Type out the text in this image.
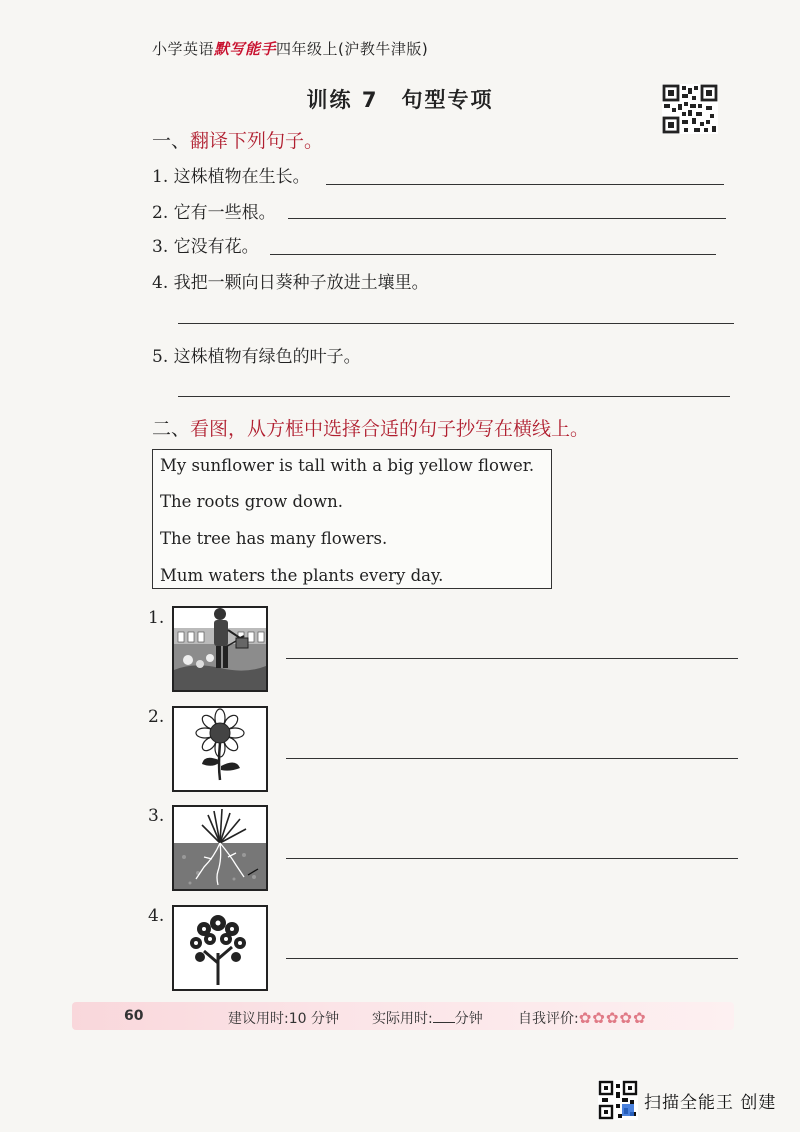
小学英语默写能手四年级上(沪教牛津版)
训练 7　句型专项
一、翻译下列句子。
1. 这株植物在生长。
2. 它有一些根。
3. 它没有花。
4. 我把一颗向日葵种子放进土壤里。
5. 这株植物有绿色的叶子。
二、看图，从方框中选择合适的句子抄写在横线上。
My sunflower is tall with a big yellow flower.
The roots grow down.
The tree has many flowers.
Mum waters the plants every day.
1.
2.
3.
4.
60	建议用时:10 分钟 实际用时: 分钟	自我评价:✿✿✿✿✿
扫描全能王 创建
